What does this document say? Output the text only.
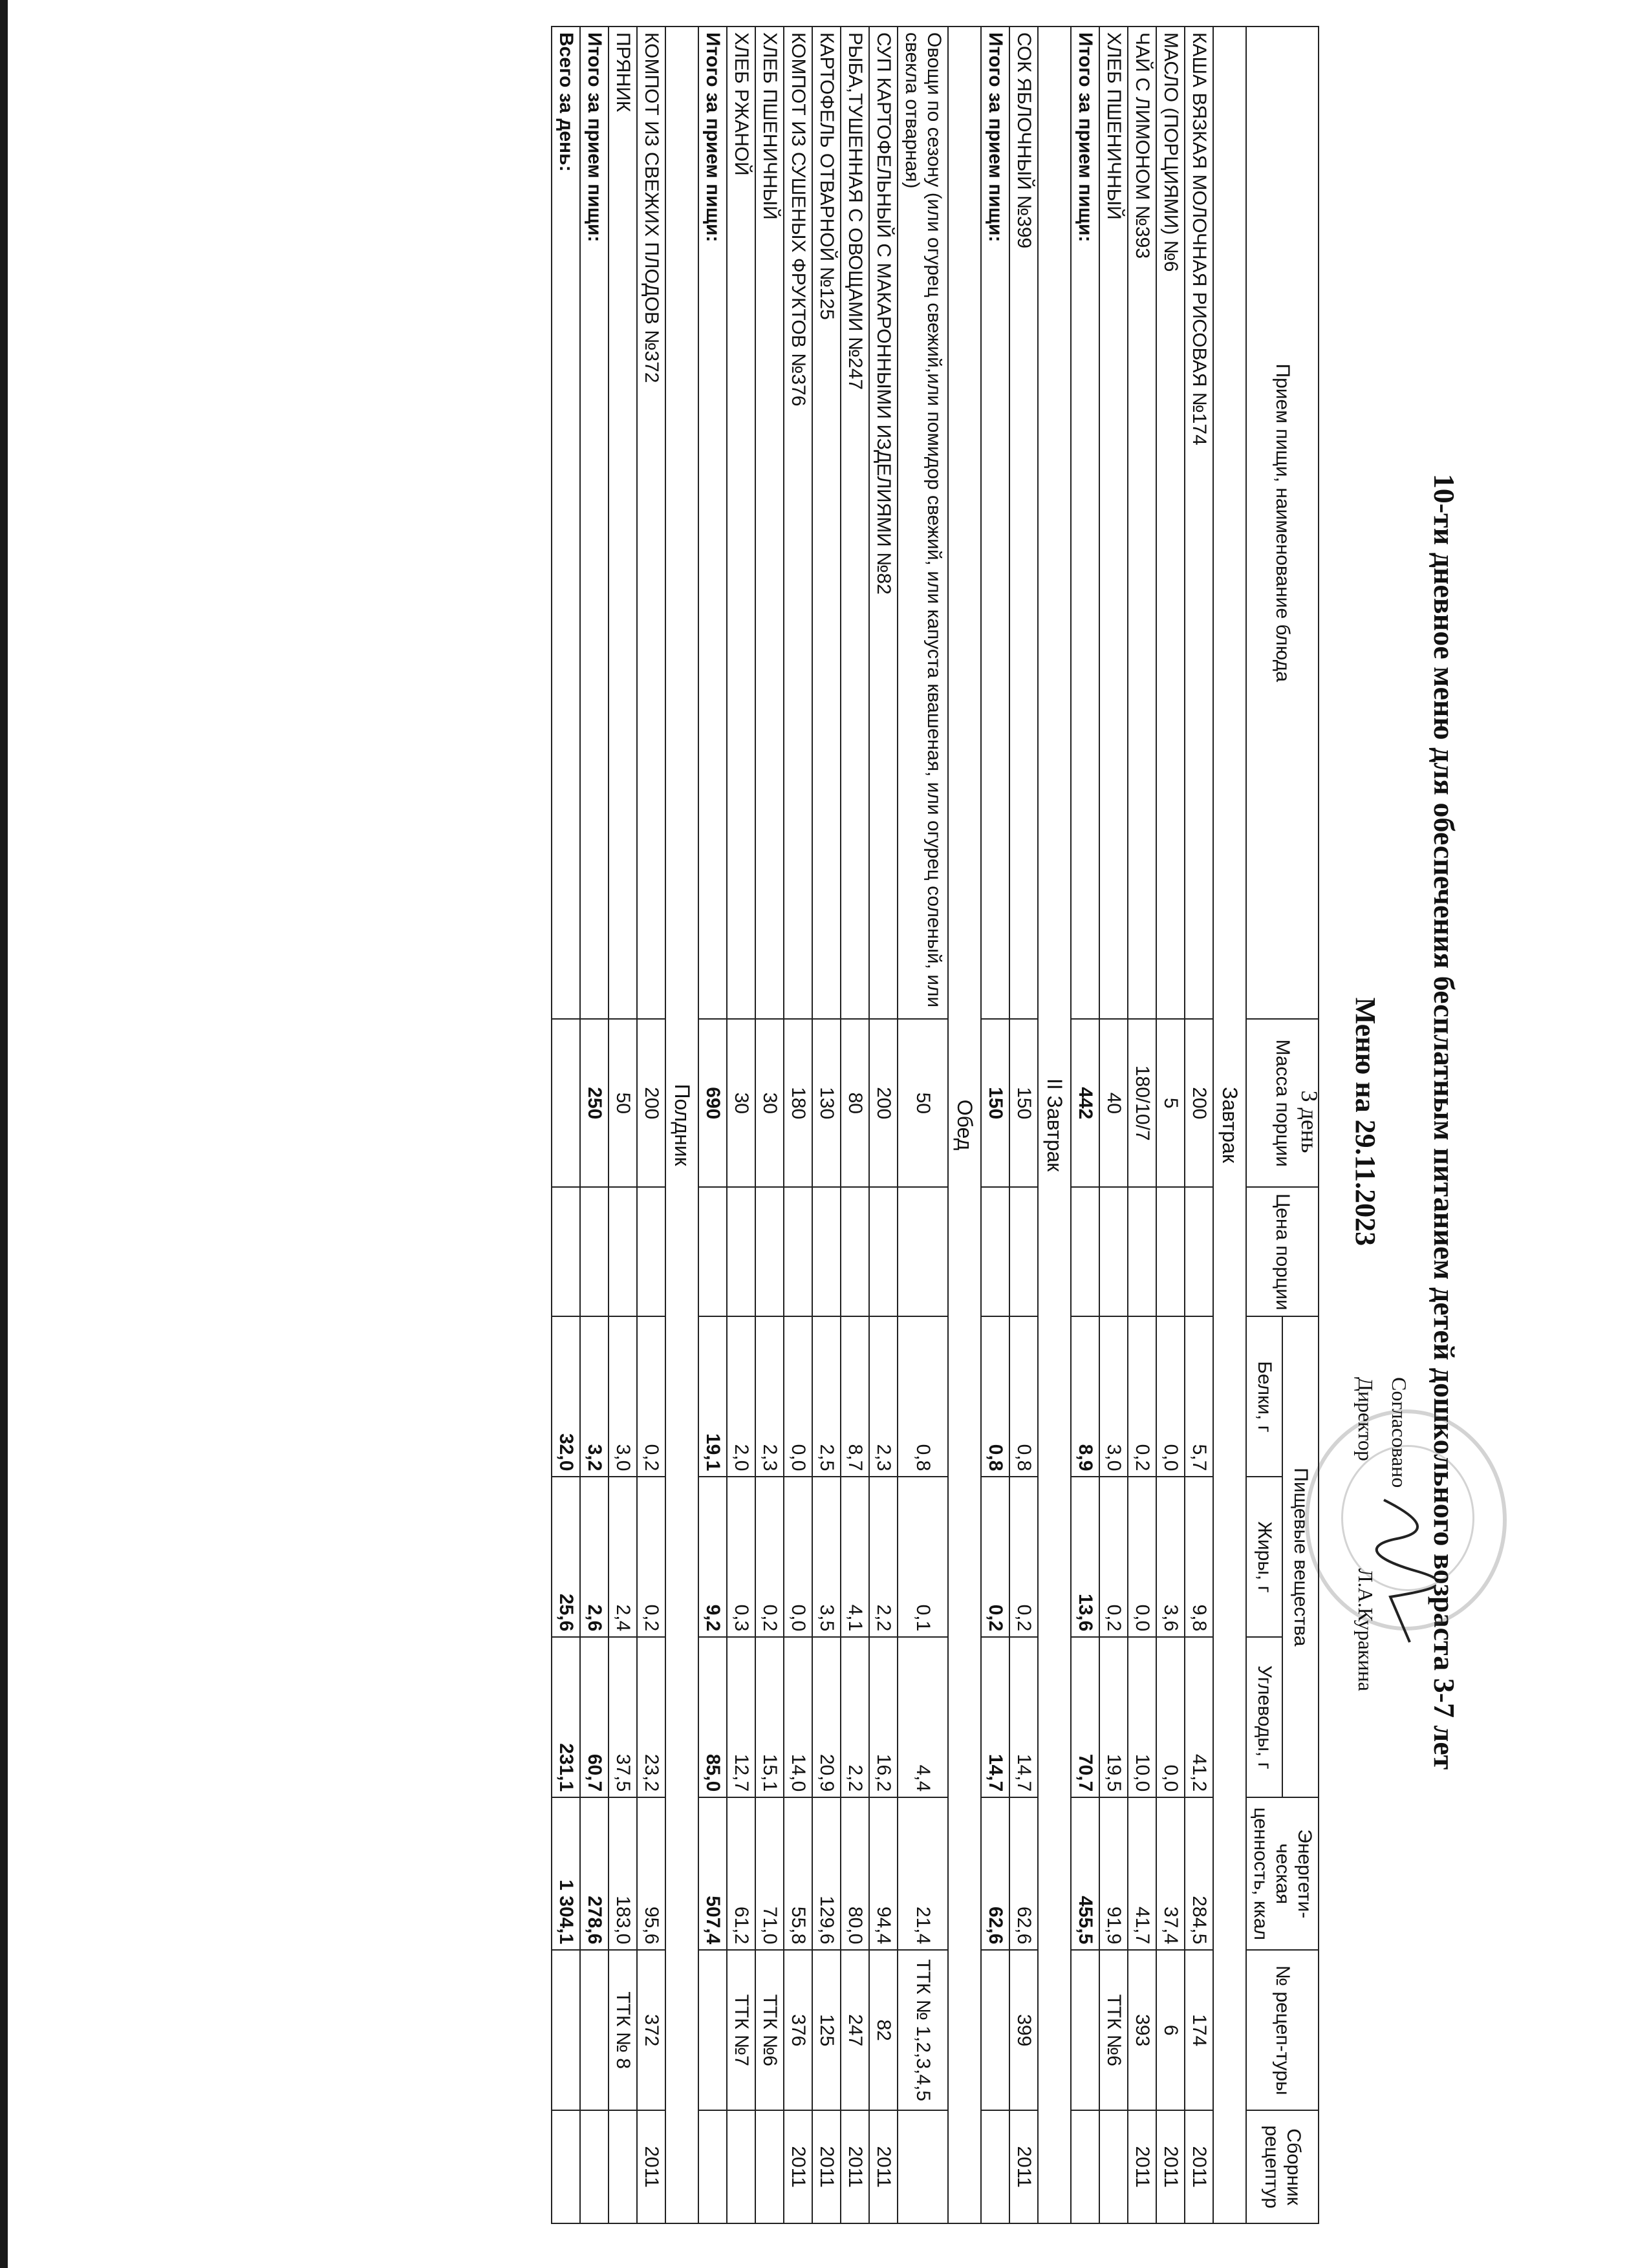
10-ти дневное меню для обеспечения бесплатным питанием детей дошкольного возраста 3-7 лет
Меню на 29.11.2023
3 день
Согласовано
Директор  Л.А.Куракина
Прием пищи, наименование блюда	Масса порции	Цена порции	Пищевые вещества			Энергети-ческая ценность, ккал	№ рецеп-туры	Сборник рецептур
			Белки, г	Жиры, г	Углеводы, г			
Завтрак								
КАША ВЯЗКАЯ МОЛОЧНАЯ РИСОВАЯ №174	200		5,7	9,8	41,2	284,5	174	2011
МАСЛО (ПОРЦИЯМИ) №6	5		0,0	3,6	0,0	37,4	6	2011
ЧАЙ С ЛИМОНОМ №393	180/10/7		0,2	0,0	10,0	41,7	393	2011
ХЛЕБ ПШЕНИЧНЫЙ	40		3,0	0,2	19,5	91,9	ТТК №6	
Итого за прием пищи:	442		8,9	13,6	70,7	455,5		
II Завтрак								
СОК ЯБЛОЧНЫЙ №399	150		0,8	0,2	14,7	62,6	399	2011
Итого за прием пищи:	150		0,8	0,2	14,7	62,6		
Обед								
Овощи по сезону (или огурец свежий,или помидор свежий, или капуста квашеная, или огурец соленый, или свекла отварная)	50		0,8	0,1	4,4	21,4	ТТК № 1,2,3,4,5	
СУП КАРТОФЕЛЬНЫЙ С МАКАРОННЫМИ ИЗДЕЛИЯМИ №82	200		2,3	2,2	16,2	94,4	82	2011
РЫБА,ТУШЕННАЯ С ОВОЩАМИ №247	80		8,7	4,1	2,2	80,0	247	2011
КАРТОФЕЛЬ ОТВАРНОЙ №125	130		2,5	3,5	20,9	129,6	125	2011
КОМПОТ ИЗ СУШЕНЫХ ФРУКТОВ №376	180		0,0	0,0	14,0	55,8	376	2011
ХЛЕБ ПШЕНИЧНЫЙ	30		2,3	0,2	15,1	71,0	ТТК №6	
ХЛЕБ РЖАНОЙ	30		2,0	0,3	12,7	61,2	ТТК №7	
Итого за прием пищи:	690		19,1	9,2	85,0	507,4		
Полдник								
КОМПОТ ИЗ СВЕЖИХ ПЛОДОВ №372	200		0,2	0,2	23,2	95,6	372	2011
ПРЯНИК	50		3,0	2,4	37,5	183,0	ТТК № 8	
Итого за прием пищи:	250		3,2	2,6	60,7	278,6		
Всего за день:			32,0	25,6	231,1	1 304,1		
